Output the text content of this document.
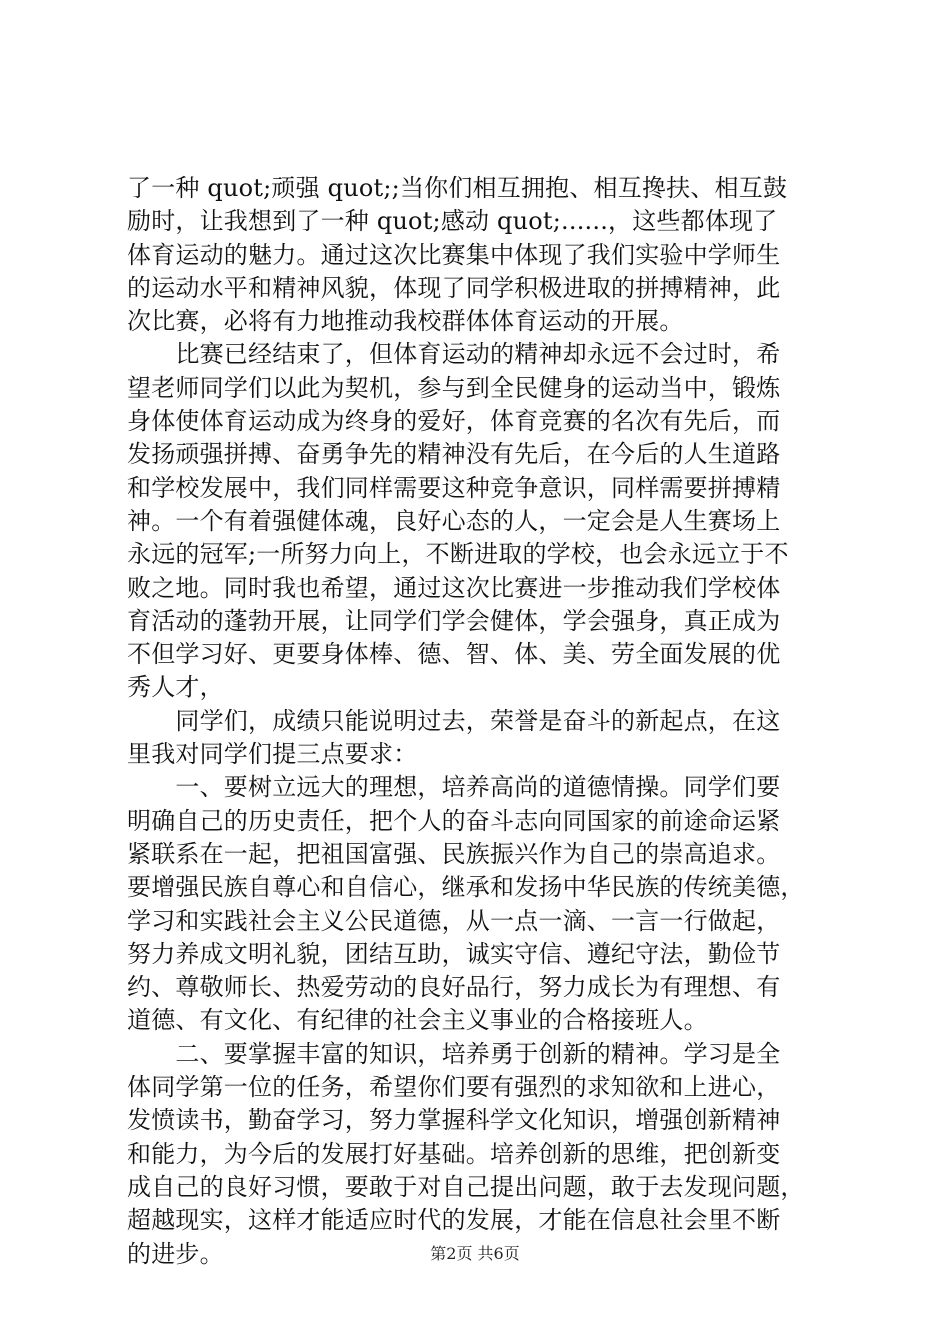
了一种 quot;顽强 quot;;当你们相互拥抱、相互搀扶、相互鼓
励时，让我想到了一种 quot;感动 quot;......，这些都体现了
体育运动的魅力。通过这次比赛集中体现了我们实验中学师生
的运动水平和精神风貌，体现了同学积极进取的拼搏精神，此
次比赛，必将有力地推动我校群体体育运动的开展。
　　比赛已经结束了，但体育运动的精神却永远不会过时，希
望老师同学们以此为契机，参与到全民健身的运动当中，锻炼
身体使体育运动成为终身的爱好，体育竞赛的名次有先后，而
发扬顽强拼搏、奋勇争先的精神没有先后，在今后的人生道路
和学校发展中，我们同样需要这种竞争意识，同样需要拼搏精
神。一个有着强健体魂，良好心态的人，一定会是人生赛场上
永远的冠军;一所努力向上，不断进取的学校，也会永远立于不
败之地。同时我也希望，通过这次比赛进一步推动我们学校体
育活动的蓬勃开展，让同学们学会健体，学会强身，真正成为
不但学习好、更要身体棒、德、智、体、美、劳全面发展的优
秀人才，
　　同学们，成绩只能说明过去，荣誉是奋斗的新起点，在这
里我对同学们提三点要求：
　　一、要树立远大的理想，培养高尚的道德情操。同学们要
明确自己的历史责任，把个人的奋斗志向同国家的前途命运紧
紧联系在一起，把祖国富强、民族振兴作为自己的崇高追求。
要增强民族自尊心和自信心，继承和发扬中华民族的传统美德，
学习和实践社会主义公民道德，从一点一滴、一言一行做起，
努力养成文明礼貌，团结互助，诚实守信、遵纪守法，勤俭节
约、尊敬师长、热爱劳动的良好品行，努力成长为有理想、有
道德、有文化、有纪律的社会主义事业的合格接班人。
　　二、要掌握丰富的知识，培养勇于创新的精神。学习是全
体同学第一位的任务，希望你们要有强烈的求知欲和上进心，
发愤读书，勤奋学习，努力掌握科学文化知识，增强创新精神
和能力，为今后的发展打好基础。培养创新的思维，把创新变
成自己的良好习惯，要敢于对自己提出问题，敢于去发现问题，
超越现实，这样才能适应时代的发展，才能在信息社会里不断
的进步。	第2页 共6页
